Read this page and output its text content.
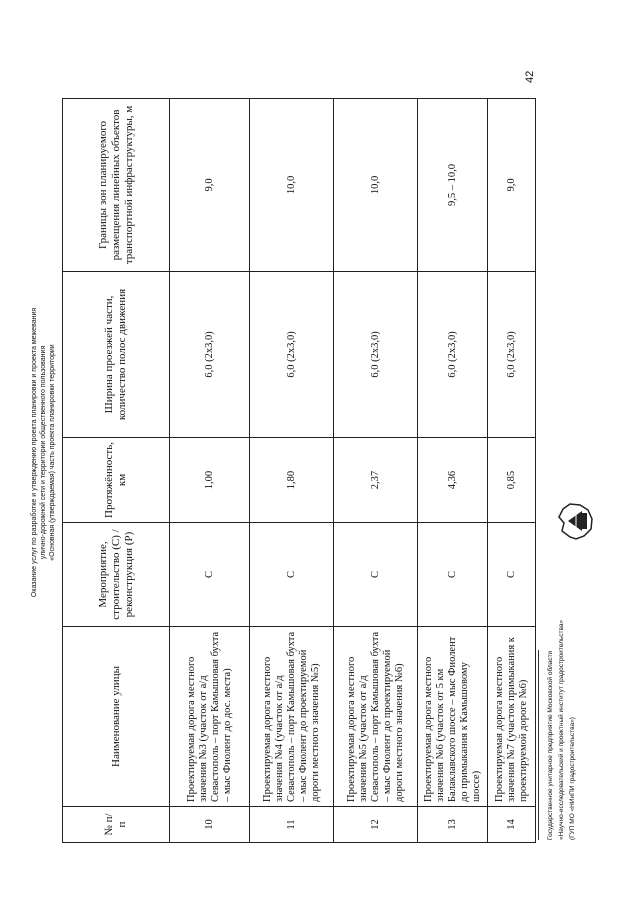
Оказание услуг по разработке и утверждению проекта планировки и проекта межевания улично-дорожной сети и территории общественного пользования «Основная (утверждаемая) часть проекта планировки территории
№ п/п	Наименование улицы	Мероприятие, строительство (С) / реконструкция (Р)	Протяжённость, км	Ширина проезжей части, количество полос движения	Границы зон планируемого размещения линейных объектов транспортной инфраструктуры, м
10	Проектируемая дорога местного значения №3 (участок от а/д Севастополь – порт Камышовая бухта – мыс Фиолент до дос. места)	С	1,00	6,0 (2x3,0)	9,0
11	Проектируемая дорога местного значения №4 (участок от а/д Севастополь – порт Камышовая бухта – мыс Фиолент до проектируемой дороги местного значения №5)	С	1,80	6,0 (2x3,0)	10,0
12	Проектируемая дорога местного значения №5 (участок от а/д Севастополь – порт Камышовая бухта – мыс Фиолент до проектируемой дороги местного значения №6)	С	2,37	6,0 (2x3,0)	10,0
13	Проектируемая дорога местного значения №6 (участок от 5 км Балаклавского шоссе – мыс Фиолент до примыкания к Камышовому шоссе)	С	4,36	6,0 (2x3,0)	9,5 – 10,0
14	Проектируемая дорога местного значения №7 (участок примыкания к проектируемой дороге №6)	С	0,85	6,0 (2x3,0)	9,0
Государственное унитарное предприятие Московской области «Научно-исследовательский и проектный институт градостроительства» (ГУП МО «НИиПИ градостроительства»)
42
